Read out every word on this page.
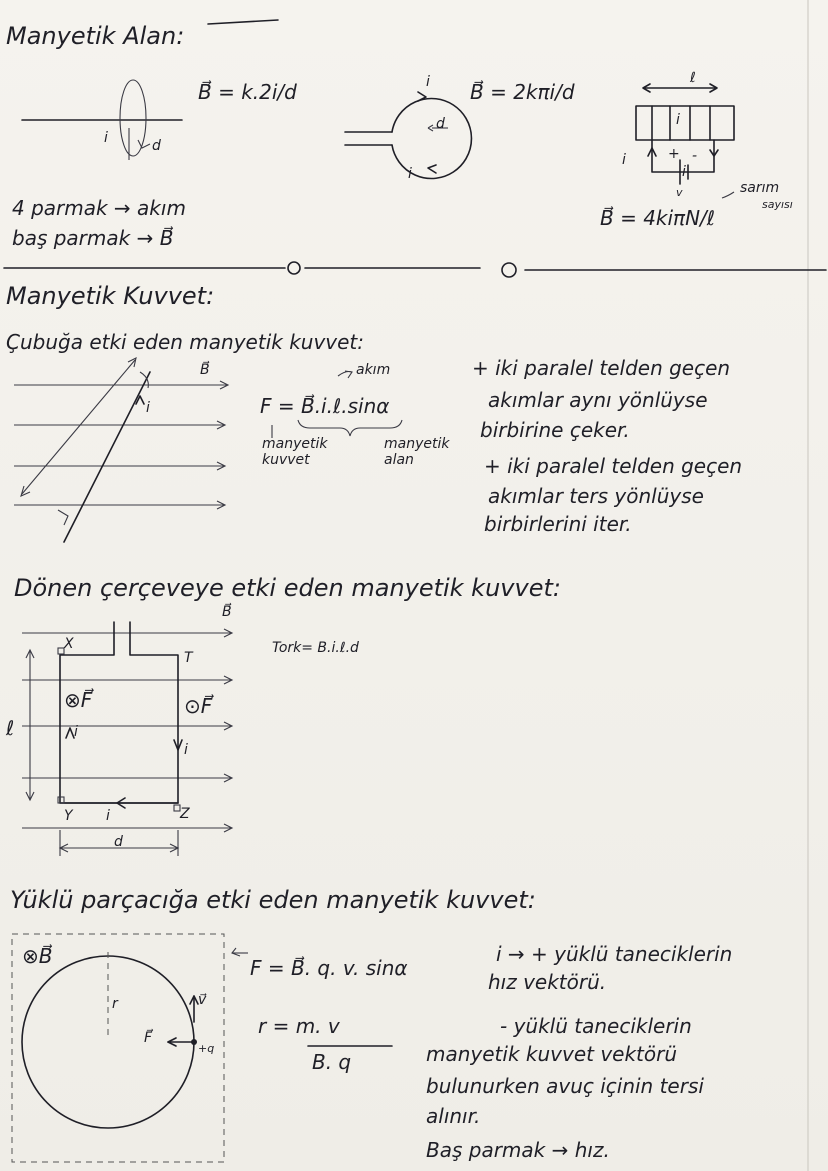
Manyetik Alan:
B⃗ = k.2i/d
i	d
i B⃗ = 2kπi/d
d
i
ℓ
i
i	+ -
i
v	sarım
sayısı
B⃗ = 4kiπN/ℓ
4 parmak → akım
baş parmak → B⃗
Manyetik Kuvvet:
Çubuğa etki eden manyetik kuvvet:
B⃗
i
akım
F = B⃗.i.ℓ.sinα
manyetik
kuvvet
manyetik
alan
+ iki paralel telden geçen
akımlar aynı yönlüyse
birbirine çeker.
+ iki paralel telden geçen
akımlar ters yönlüyse
birbirlerini iter.
Dönen çerçeveye etki eden manyetik kuvvet:
B⃗
X
T
Y	Z
⊗F⃗	⊙F⃗
ℓ	i
i
i
d
Tork= B.i.ℓ.d
Yüklü parçacığa etki eden manyetik kuvvet:
⊗B⃗
r	v⃗
F⃗
+q
F = B⃗. q. v. sinα
r = m. v
B. q
i → + yüklü taneciklerin
hız vektörü.
- yüklü taneciklerin
manyetik kuvvet vektörü
bulunurken avuç içinin tersi
alınır.
Baş parmak → hız.
